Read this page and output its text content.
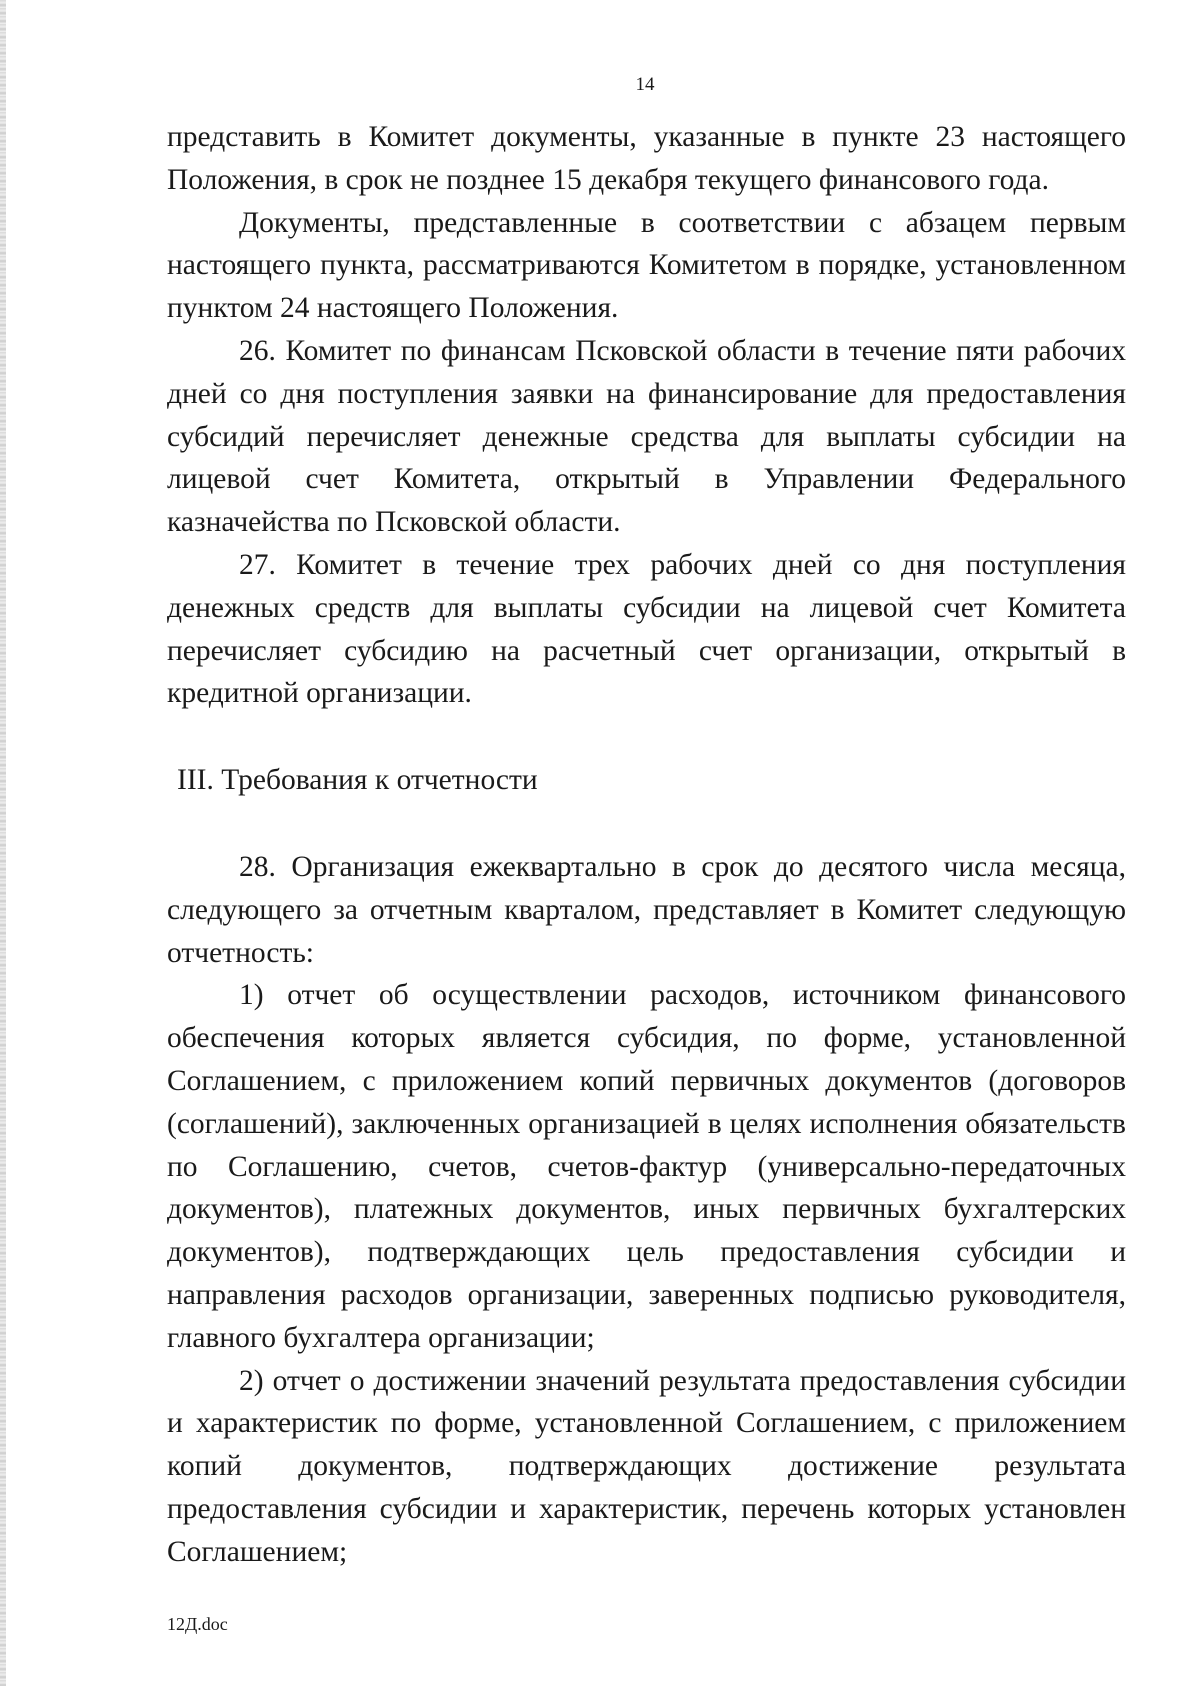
14

представить в Комитет документы, указанные в пункте 23 настоящего Положения, в срок не позднее 15 декабря текущего финансового года.

Документы, представленные в соответствии с абзацем первым настоящего пункта, рассматриваются Комитетом в порядке, установленном пунктом 24 настоящего Положения.

26. Комитет по финансам Псковской области в течение пяти рабочих дней со дня поступления заявки на финансирование для предоставления субсидий перечисляет денежные средства для выплаты субсидии на лицевой счет Комитета, открытый в Управлении Федерального казначейства по Псковской области.

27. Комитет в течение трех рабочих дней со дня поступления денежных средств для выплаты субсидии на лицевой счет Комитета перечисляет субсидию на расчетный счет организации, открытый в кредитной организации.

III. Требования к отчетности

28. Организация ежеквартально в срок до десятого числа месяца, следующего за отчетным кварталом, представляет в Комитет следующую отчетность:

1) отчет об осуществлении расходов, источником финансового обеспечения которых является субсидия, по форме, установленной Соглашением, с приложением копий первичных документов (договоров (соглашений), заключенных организацией в целях исполнения обязательств по Соглашению, счетов, счетов-фактур (универсально-передаточных документов), платежных документов, иных первичных бухгалтерских документов), подтверждающих цель предоставления субсидии и направления расходов организации, заверенных подписью руководителя, главного бухгалтера организации;

2) отчет о достижении значений результата предоставления субсидии и характеристик по форме, установленной Соглашением, с приложением копий документов, подтверждающих достижение результата предоставления субсидии и характеристик, перечень которых установлен Соглашением;

12Д.doc
